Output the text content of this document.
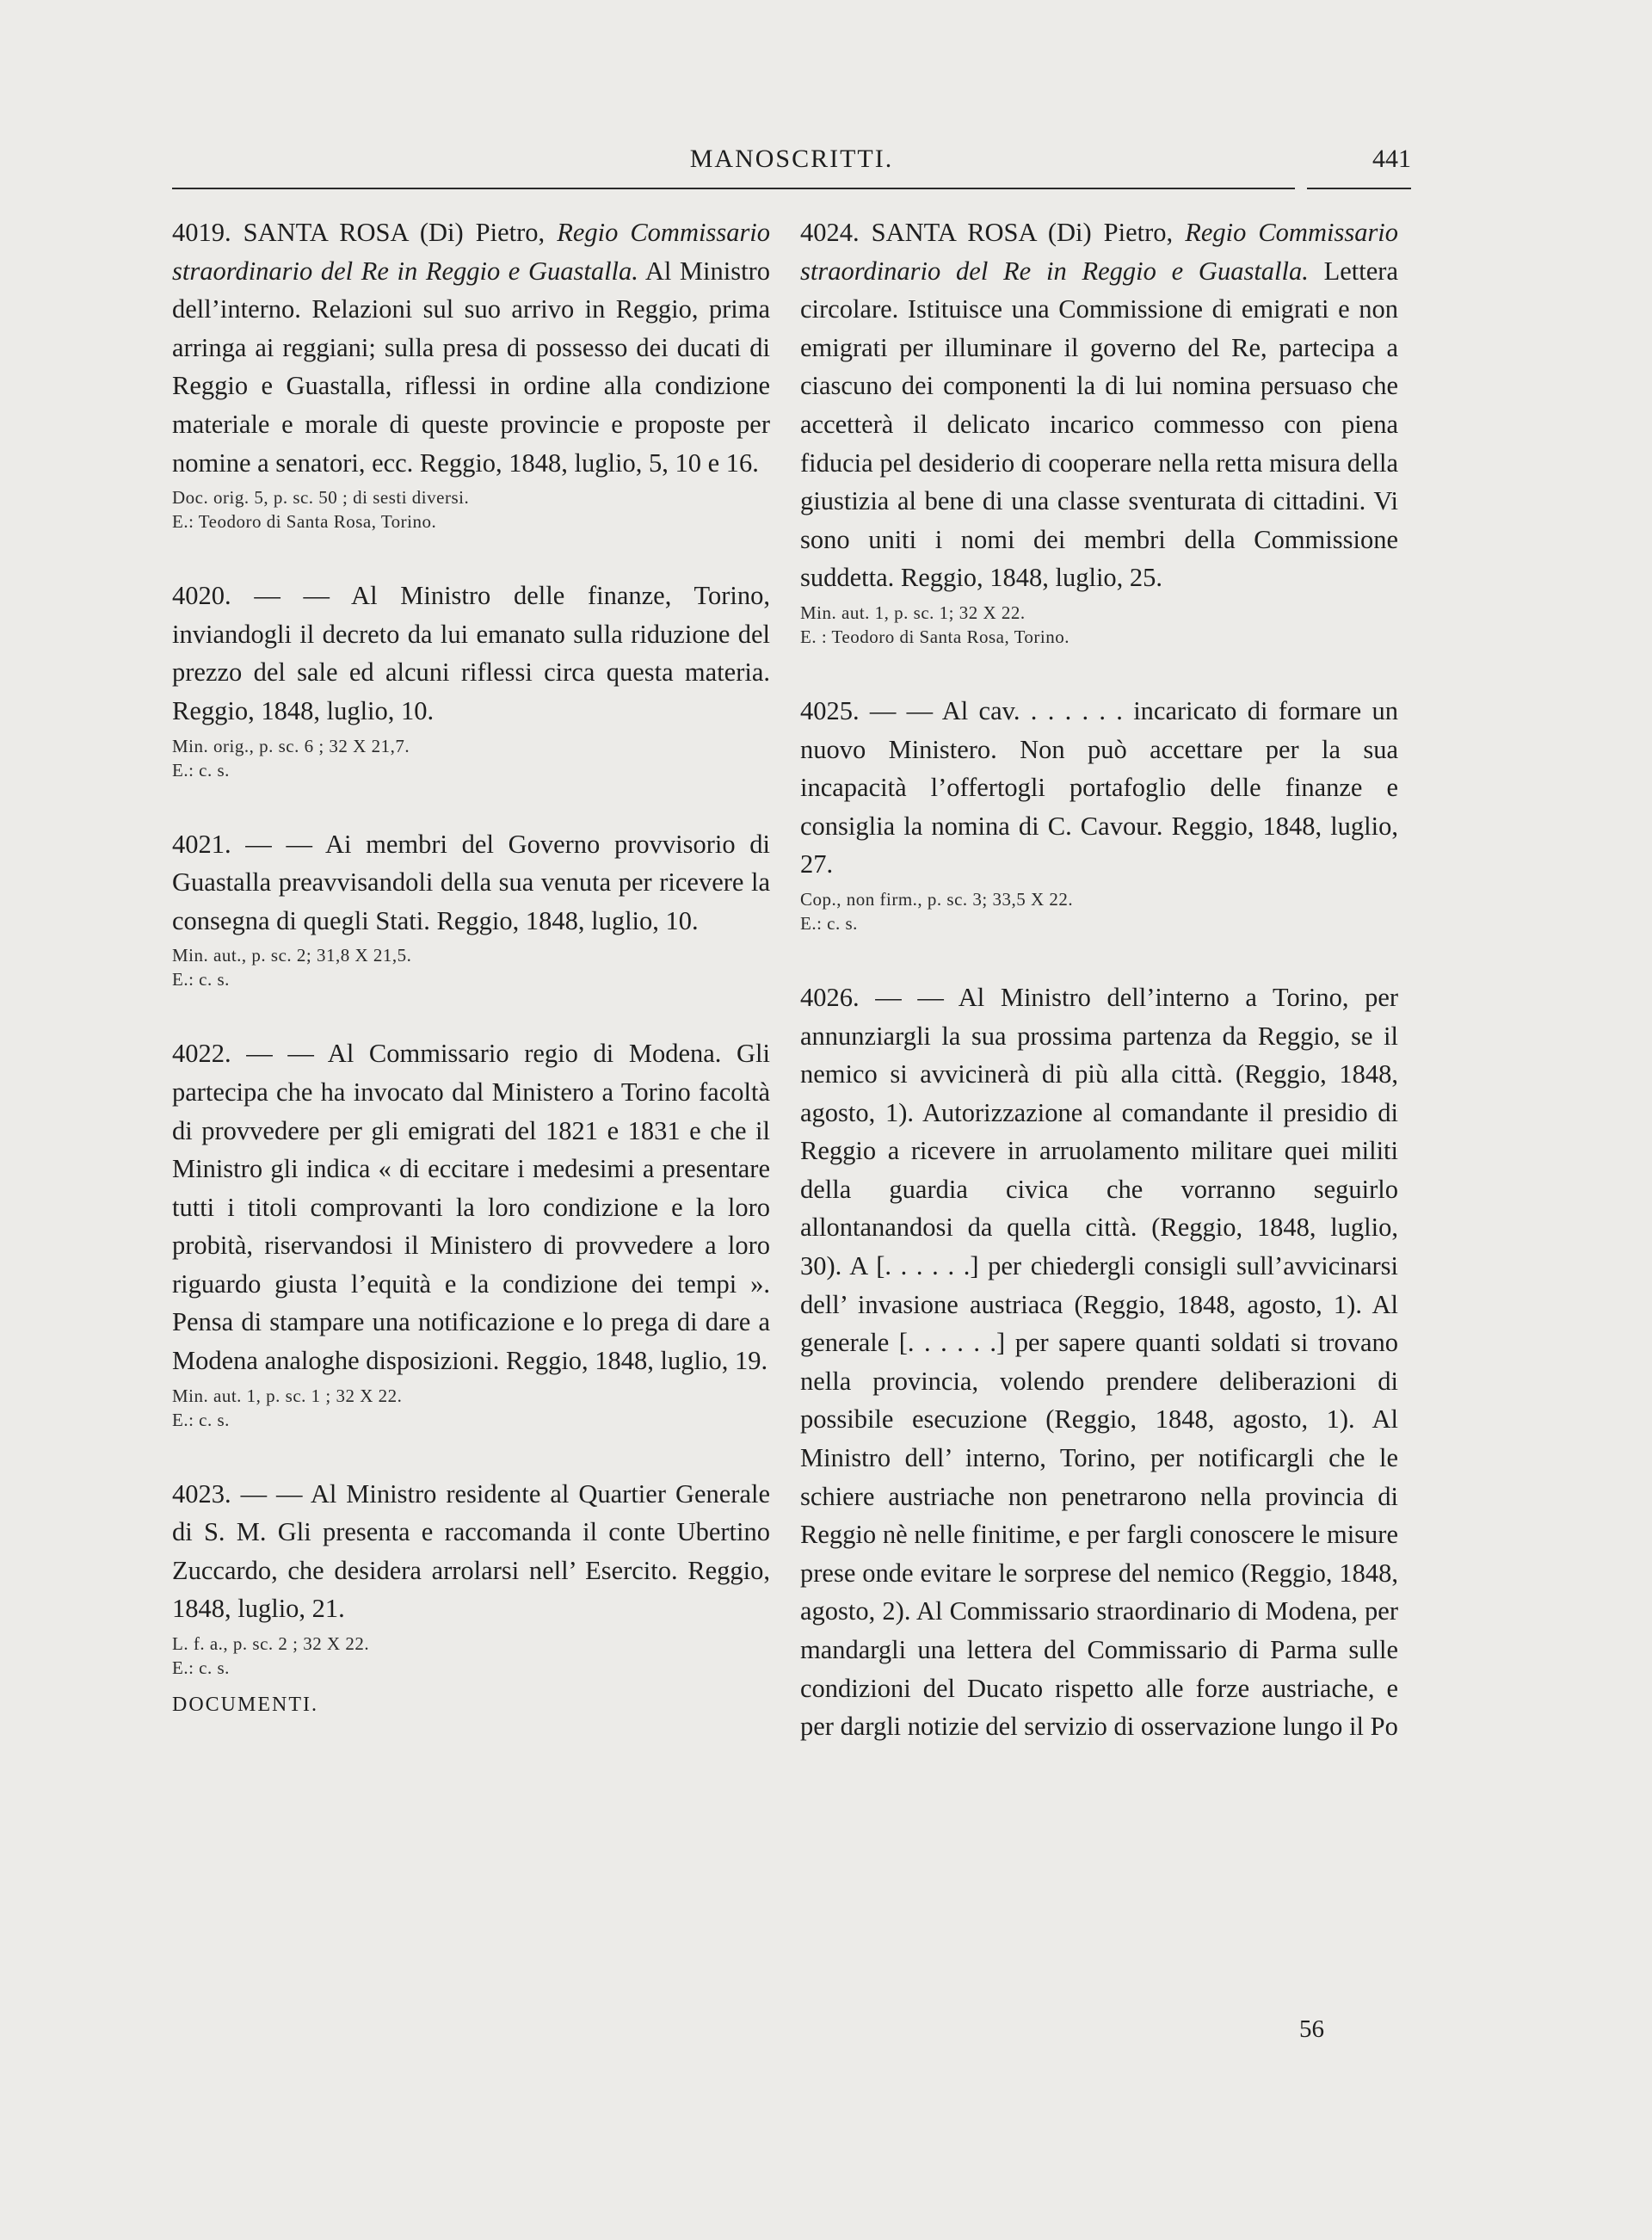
MANOSCRITTI.	441

4019. SANTA ROSA (Di) Pietro, Regio Commissario straordinario del Re in Reggio e Guastalla. Al Ministro dell’interno. Relazioni sul suo arrivo in Reggio, prima arringa ai reggiani; sulla presa di possesso dei ducati di Reggio e Guastalla, riflessi in ordine alla condizione materiale e morale di queste provincie e proposte per nomine a senatori, ecc. Reggio, 1848, luglio, 5, 10 e 16.

Doc. orig. 5, p. sc. 50 ; di sesti diversi.
E.: Teodoro di Santa Rosa, Torino.

4020. — — Al Ministro delle finanze, Torino, inviandogli il decreto da lui emanato sulla riduzione del prezzo del sale ed alcuni riflessi circa questa materia. Reggio, 1848, luglio, 10.

Min. orig., p. sc. 6 ; 32 X 21,7.
E.: c. s.

4021. — — Ai membri del Governo provvisorio di Guastalla preavvisandoli della sua venuta per ricevere la consegna di quegli Stati. Reggio, 1848, luglio, 10.

Min. aut., p. sc. 2; 31,8 X 21,5.
E.: c. s.

4022. — — Al Commissario regio di Modena. Gli partecipa che ha invocato dal Ministero a Torino facoltà di provvedere per gli emigrati del 1821 e 1831 e che il Ministro gli indica « di eccitare i medesimi a presentare tutti i titoli comprovanti la loro condizione e la loro probità, riservandosi il Ministero di provvedere a loro riguardo giusta l’equità e la condizione dei tempi ». Pensa di stampare una notificazione e lo prega di dare a Modena analoghe disposizioni. Reggio, 1848, luglio, 19.

Min. aut. 1, p. sc. 1 ; 32 X 22.
E.: c. s.

4023. — — Al Ministro residente al Quartier Generale di S. M. Gli presenta e raccomanda il conte Ubertino Zuccardo, che desidera arrolarsi nell’ Esercito. Reggio, 1848, luglio, 21.

L. f. a., p. sc. 2 ; 32 X 22.
E.: c. s.
DOCUMENTI.

4024. SANTA ROSA (Di) Pietro, Regio Commissario straordinario del Re in Reggio e Guastalla. Lettera circolare. Istituisce una Commissione di emigrati e non emigrati per illuminare il governo del Re, partecipa a ciascuno dei componenti la di lui nomina persuaso che accetterà il delicato incarico commesso con piena fiducia pel desiderio di cooperare nella retta misura della giustizia al bene di una classe sventurata di cittadini. Vi sono uniti i nomi dei membri della Commissione suddetta. Reggio, 1848, luglio, 25.

Min. aut. 1, p. sc. 1; 32 X 22.
E. : Teodoro di Santa Rosa, Torino.

4025. — — Al cav. . . . . . . incaricato di formare un nuovo Ministero. Non può accettare per la sua incapacità l’offertogli portafoglio delle finanze e consiglia la nomina di C. Cavour. Reggio, 1848, luglio, 27.

Cop., non firm., p. sc. 3; 33,5 X 22.
E.: c. s.

4026. — — Al Ministro dell’interno a Torino, per annunziargli la sua prossima partenza da Reggio, se il nemico si avvicinerà di più alla città. (Reggio, 1848, agosto, 1). Autorizzazione al comandante il presidio di Reggio a ricevere in arruolamento militare quei militi della guardia civica che vorranno seguirlo allontanandosi da quella città. (Reggio, 1848, luglio, 30). A [. . . . . .] per chiedergli consigli sull’avvicinarsi dell’ invasione austriaca (Reggio, 1848, agosto, 1). Al generale [. . . . . .] per sapere quanti soldati si trovano nella provincia, volendo prendere deliberazioni di possibile esecuzione (Reggio, 1848, agosto, 1). Al Ministro dell’ interno, Torino, per notificargli che le schiere austriache non penetrarono nella provincia di Reggio nè nelle finitime, e per fargli conoscere le misure prese onde evitare le sorprese del nemico (Reggio, 1848, agosto, 2). Al Commissario straordinario di Modena, per mandargli una lettera del Commissario di Parma sulle condizioni del Ducato rispetto alle forze austriache, e per dargli notizie del servizio di osservazione lungo il Po

56
